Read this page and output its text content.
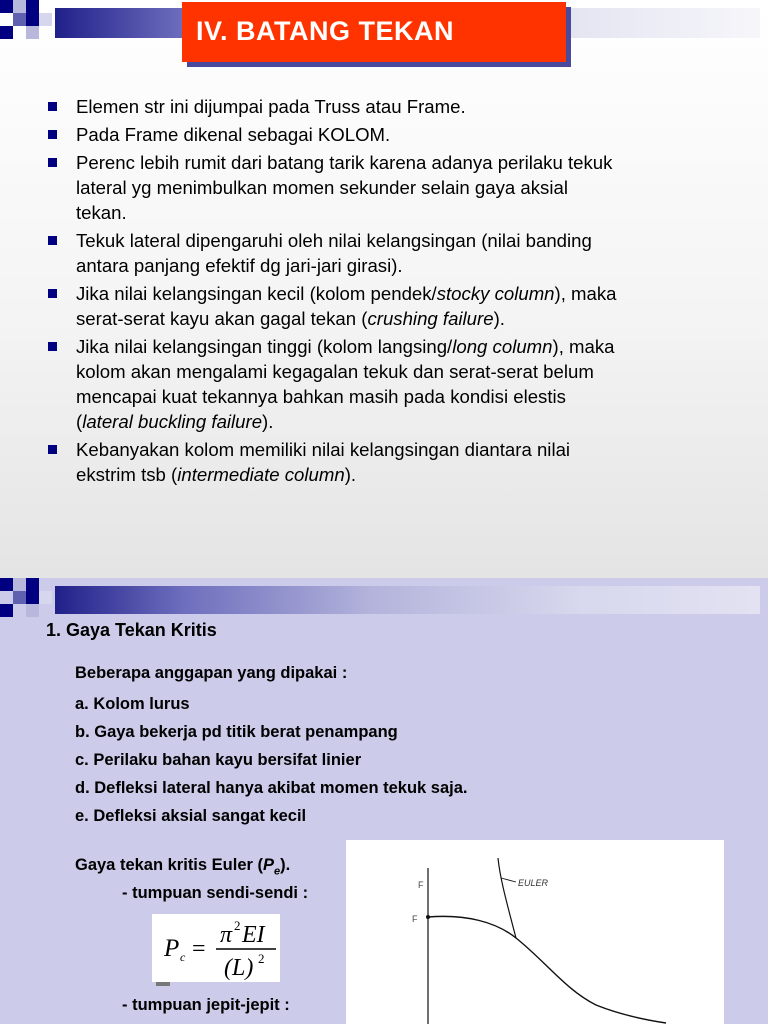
IV. BATANG TEKAN
Elemen str ini dijumpai pada Truss atau Frame.
Pada Frame dikenal sebagai KOLOM.
Perenc lebih rumit dari batang tarik karena adanya perilaku tekuk
lateral yg menimbulkan momen sekunder selain gaya aksial
tekan.
Tekuk lateral dipengaruhi oleh nilai kelangsingan (nilai banding
antara panjang efektif dg jari-jari girasi).
Jika nilai kelangsingan kecil (kolom pendek/stocky column), maka
serat-serat kayu akan gagal tekan (crushing failure).
Jika nilai kelangsingan tinggi (kolom langsing/long column), maka
kolom akan mengalami kegagalan tekuk dan serat-serat belum
mencapai kuat tekannya bahkan masih pada kondisi elestis
(lateral buckling failure).
Kebanyakan kolom memiliki nilai kelangsingan diantara nilai
ekstrim tsb (intermediate column).
1. Gaya Tekan Kritis
Beberapa anggapan yang dipakai :
a. Kolom lurus
b. Gaya bekerja pd titik berat penampang
c. Perilaku bahan kayu bersifat linier
d. Defleksi lateral hanya akibat momen tekuk saja.
e. Defleksi aksial sangat kecil
Gaya tekan kritis Euler $(P_e)$.
- tumpuan sendi-sendi :
P c =
π 2 EI
(L) 2
- tumpuan jepit-jepit :
F
F
EULER
